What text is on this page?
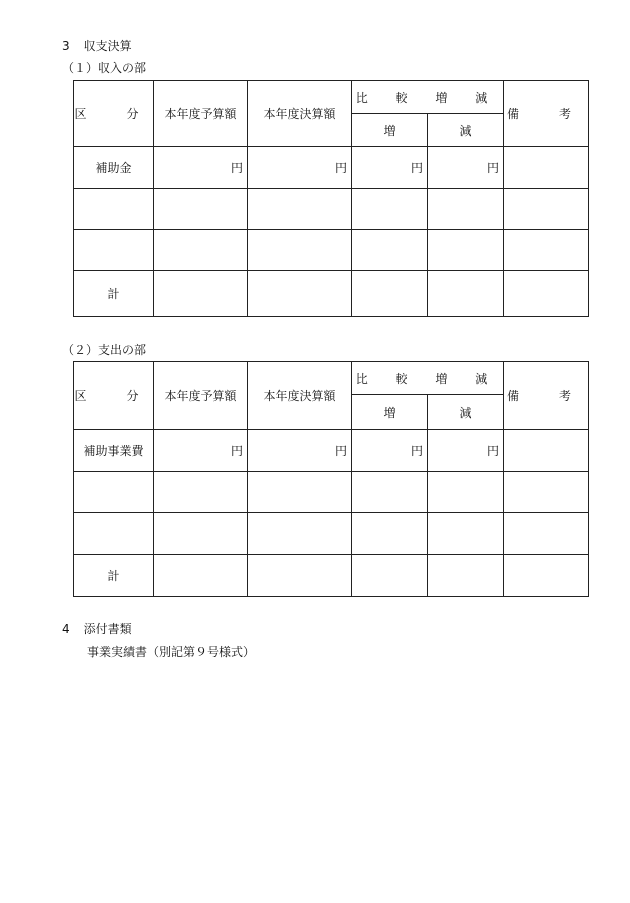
3 収支決算
（１）収入の部
区　分	本年度予算額	本年度決算額	比 較 増 減		備　考
			増	減	
補助金	円	円	円	円	

計					
（２）支出の部
区　分	本年度予算額	本年度決算額	比 較 増 減		備　考
			増	減	
補助事業費	円	円	円	円	

計					
4 添付書類
事業実績書（別記第９号様式）
